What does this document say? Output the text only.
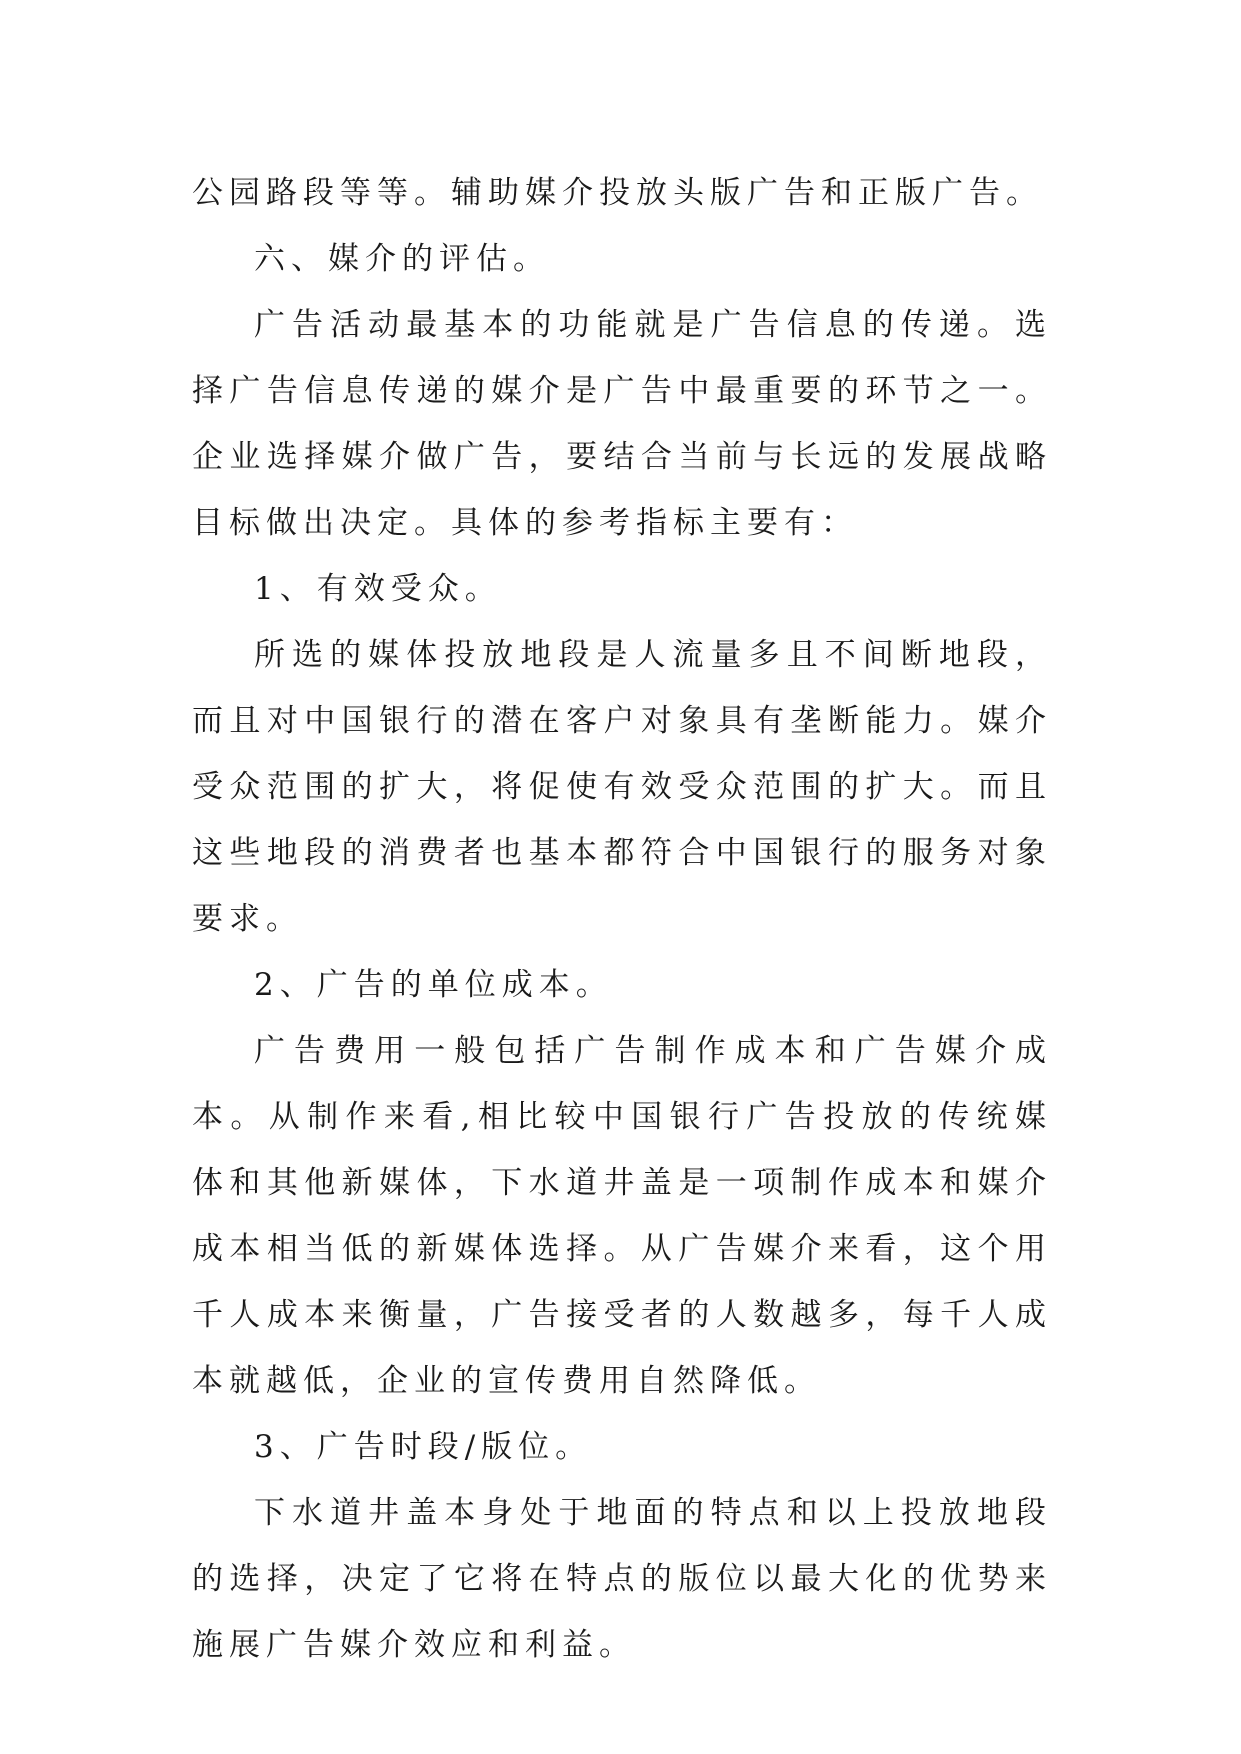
公园路段等等。辅助媒介投放头版广告和正版广告。

六、媒介的评估。

广告活动最基本的功能就是广告信息的传递。选择广告信息传递的媒介是广告中最重要的环节之一。企业选择媒介做广告，要结合当前与长远的发展战略目标做出决定。具体的参考指标主要有：

1、有效受众。

所选的媒体投放地段是人流量多且不间断地段，而且对中国银行的潜在客户对象具有垄断能力。媒介受众范围的扩大，将促使有效受众范围的扩大。而且这些地段的消费者也基本都符合中国银行的服务对象要求。

2、广告的单位成本。

广告费用一般包括广告制作成本和广告媒介成本。从制作来看,相比较中国银行广告投放的传统媒体和其他新媒体，下水道井盖是一项制作成本和媒介成本相当低的新媒体选择。从广告媒介来看，这个用千人成本来衡量，广告接受者的人数越多，每千人成本就越低，企业的宣传费用自然降低。

3、广告时段/版位。

下水道井盖本身处于地面的特点和以上投放地段的选择，决定了它将在特点的版位以最大化的优势来施展广告媒介效应和利益。
